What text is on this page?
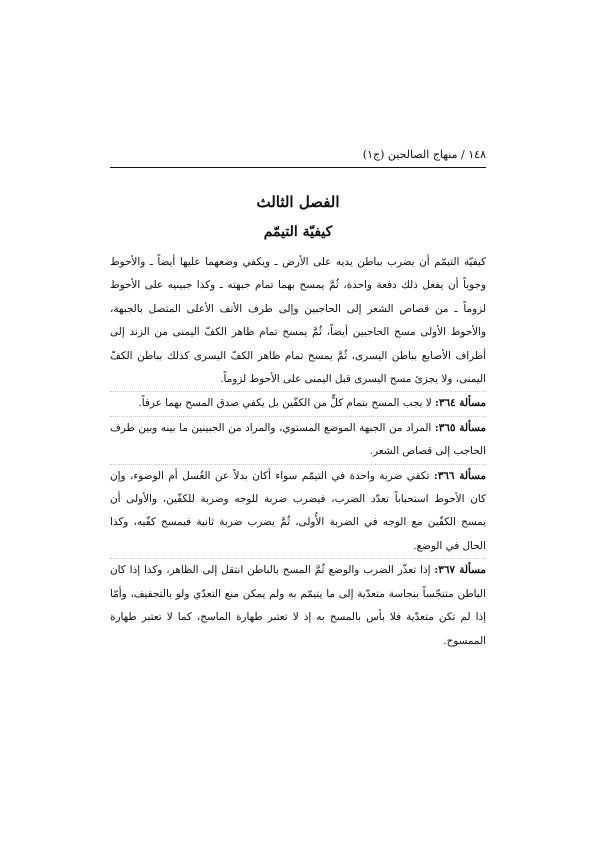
١٤٨ / منهاج الصالحين (ج١)
الفصل الثالث
كيفيّة التيمّم

كيفيّة التيمّم أن يضرب بباطن يديه على الأرض ـ ويكفي وضعهما عليها أيضاً ـ والأحوط وجوباً أن يفعل ذلك دفعة واحدة، ثُمَّ يمسح بهما تمام جبهته ـ وكذا جبينيه على الأحوط لزوماً ـ من قصاص الشعر إلى الحاجبين وإلى طرف الأنف الأعلى المتصل بالجبهة، والأحوط الأولى مسح الحاجبين أيضاً، ثُمَّ يمسح تمام ظاهر الكفّ اليمنى من الزند إلى أطراف الأصابع بباطن اليسرى، ثُمَّ يمسح تمام ظاهر الكفّ اليسرى كذلك بباطن الكفّ اليمنى، ولا يجزئ مسح اليسرى قبل اليمنى على الأحوط لزوماً.

مسألة ٣٦٤: لا يجب المسح بتمام كلٍّ من الكفّين بل يكفي صدق المسح بهما عرفاً.

مسألة ٣٦٥: المراد من الجبهة الموضع المستوي، والمراد من الجبينين ما بينه وبين طرف الحاجب إلى قصاص الشعر.

مسألة ٣٦٦: تكفي ضربة واحدة في التيمّم سواء أكان بدلاً عن الغُسل أم الوضوء، وإن كان الأحوط استحباباً تعدّد الضرب، فيضرب ضربة للوجه وضربة للكفّين، والأولى أن يمسح الكفّين مع الوجه في الضربة الأُولى، ثُمَّ يضرب ضربة ثانية فيمسح كفّيه، وكذا الحال في الوضع.

مسألة ٣٦٧: إذا تعذّر الضرب والوضع ثُمَّ المسح بالباطن انتقل إلى الظاهر، وكذا إذا كان الباطن متنجّساً بنجاسة متعدّية إلى ما يتيمّم به ولم يمكن منع التعدّي ولو بالتجفيف، وأمّا إذا لم تكن متعدّية فلا بأس بالمسح به إذ لا تعتبر طهارة الماسح، كما لا تعتبر طهارة الممسوح.
